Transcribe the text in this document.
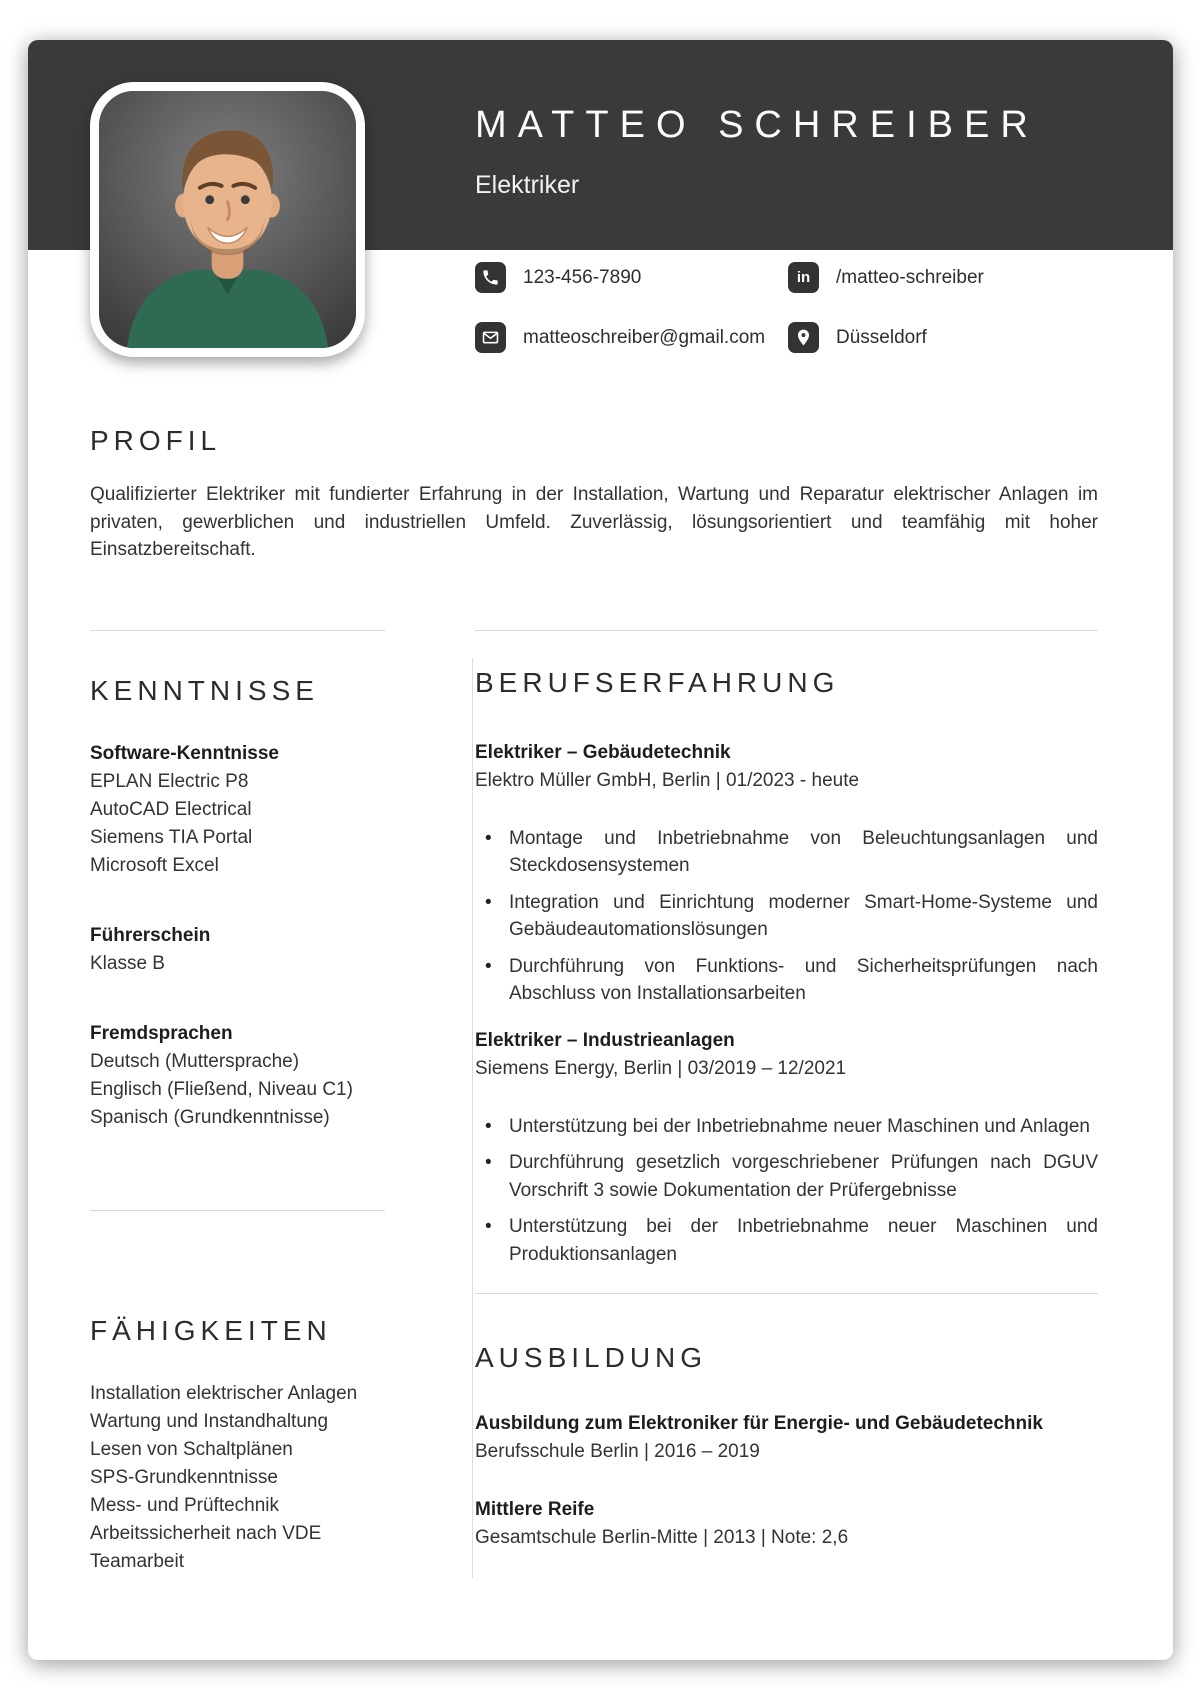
MATTEO SCHREIBER
Elektriker
123-456-7890	in /matteo-schreiber
matteoschreiber@gmail.com	Düsseldorf
PROFIL

Qualifizierter Elektriker mit fundierter Erfahrung in der Installation, Wartung und Reparatur elektrischer Anlagen im privaten, gewerblichen und industriellen Umfeld. Zuverlässig, lösungsorientiert und teamfähig mit hoher Einsatzbereitschaft.

KENNTNISSE
Software-Kenntnisse
EPLAN Electric P8
AutoCAD Electrical
Siemens TIA Portal
Microsoft Excel
Führerschein
Klasse B
Fremdsprachen
Deutsch (Muttersprache)
Englisch (Fließend, Niveau C1)
Spanisch (Grundkenntnisse)
FÄHIGKEITEN
Installation elektrischer Anlagen
Wartung und Instandhaltung
Lesen von Schaltplänen
SPS-Grundkenntnisse
Mess- und Prüftechnik
Arbeitssicherheit nach VDE
Teamarbeit
BERUFSERFAHRUNG
Elektriker – Gebäudetechnik
Elektro Müller GmbH, Berlin | 01/2023 - heute
• Montage und Inbetriebnahme von Beleuchtungsanlagen und Steckdosensystemen
• Integration und Einrichtung moderner Smart-Home-Systeme und Gebäudeautomationslösungen
• Durchführung von Funktions- und Sicherheitsprüfungen nach Abschluss von Installationsarbeiten
Elektriker – Industrieanlagen
Siemens Energy, Berlin | 03/2019 – 12/2021
• Unterstützung bei der Inbetriebnahme neuer Maschinen und Anlagen
• Durchführung gesetzlich vorgeschriebener Prüfungen nach DGUV Vorschrift 3 sowie Dokumentation der Prüfergebnisse
• Unterstützung bei der Inbetriebnahme neuer Maschinen und Produktionsanlagen
AUSBILDUNG
Ausbildung zum Elektroniker für Energie- und Gebäudetechnik
Berufsschule Berlin | 2016 – 2019
Mittlere Reife
Gesamtschule Berlin-Mitte | 2013 | Note: 2,6
